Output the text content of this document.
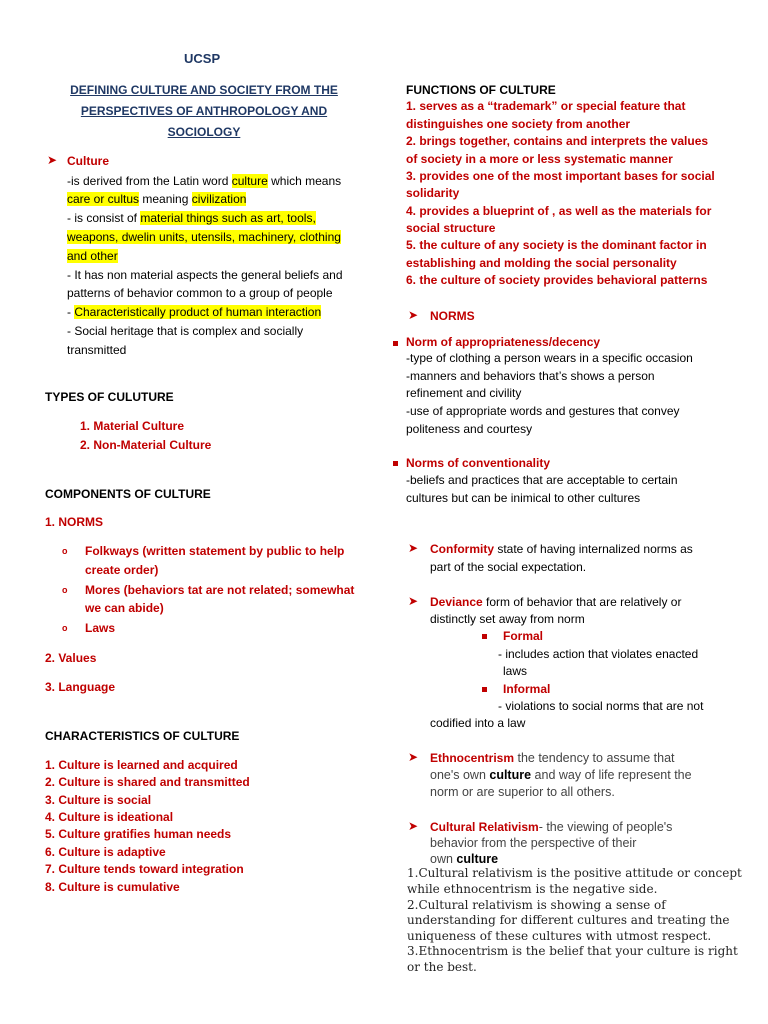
UCSP
DEFINING CULTURE AND SOCIETY FROM THE
PERSPECTIVES OF ANTHROPOLOGY AND
SOCIOLOGY
➤ Culture
-is derived from the Latin word culture which means
care or cultus meaning civilization
- is consist of material things such as art, tools,
weapons, dwelin units, utensils, machinery, clothing
and other
- It has non material aspects the general beliefs and
patterns of behavior common to a group of people
- Characteristically product of human interaction
- Social heritage that is complex and socially
transmitted
TYPES OF CULUTURE
1. Material Culture
2. Non-Material Culture
COMPONENTS OF CULTURE
1. NORMS
o Folkways (written statement by public to help
create order)
o Mores (behaviors tat are not related; somewhat
we can abide)
o Laws
2. Values
3. Language
CHARACTERISTICS OF CULTURE
1. Culture is learned and acquired
2. Culture is shared and transmitted
3. Culture is social
4. Culture is ideational
5. Culture gratifies human needs
6. Culture is adaptive
7. Culture tends toward integration
8. Culture is cumulative
FUNCTIONS OF CULTURE
1. serves as a “trademark” or special feature that
distinguishes one society from another
2. brings together, contains and interprets the values
of society in a more or less systematic manner
3. provides one of the most important bases for social
solidarity
4. provides a blueprint of , as well as the materials for
social structure
5. the culture of any society is the dominant factor in
establishing and molding the social personality
6. the culture of society provides behavioral patterns
➤ NORMS
Norm of appropriateness/decency
-type of clothing a person wears in a specific occasion
-manners and behaviors that’s shows a person
refinement and civility
-use of appropriate words and gestures that convey
politeness and courtesy
Norms of conventionality
-beliefs and practices that are acceptable to certain
cultures but can be inimical to other cultures
➤ Conformity state of having internalized norms as
part of the social expectation.
➤ Deviance form of behavior that are relatively or
distinctly set away from norm
Formal
- includes action that violates enacted
laws
Informal
- violations to social norms that are not
codified into a law
➤ Ethnocentrism the tendency to assume that
one's own culture and way of life represent the
norm or are superior to all others.
➤ Cultural Relativism- the viewing of people's
behavior from the perspective of their
own culture
1.Cultural relativism is the positive attitude or concept
while ethnocentrism is the negative side.
2.Cultural relativism is showing a sense of
understanding for different cultures and treating the
uniqueness of these cultures with utmost respect.
3.Ethnocentrism is the belief that your culture is right
or the best.
